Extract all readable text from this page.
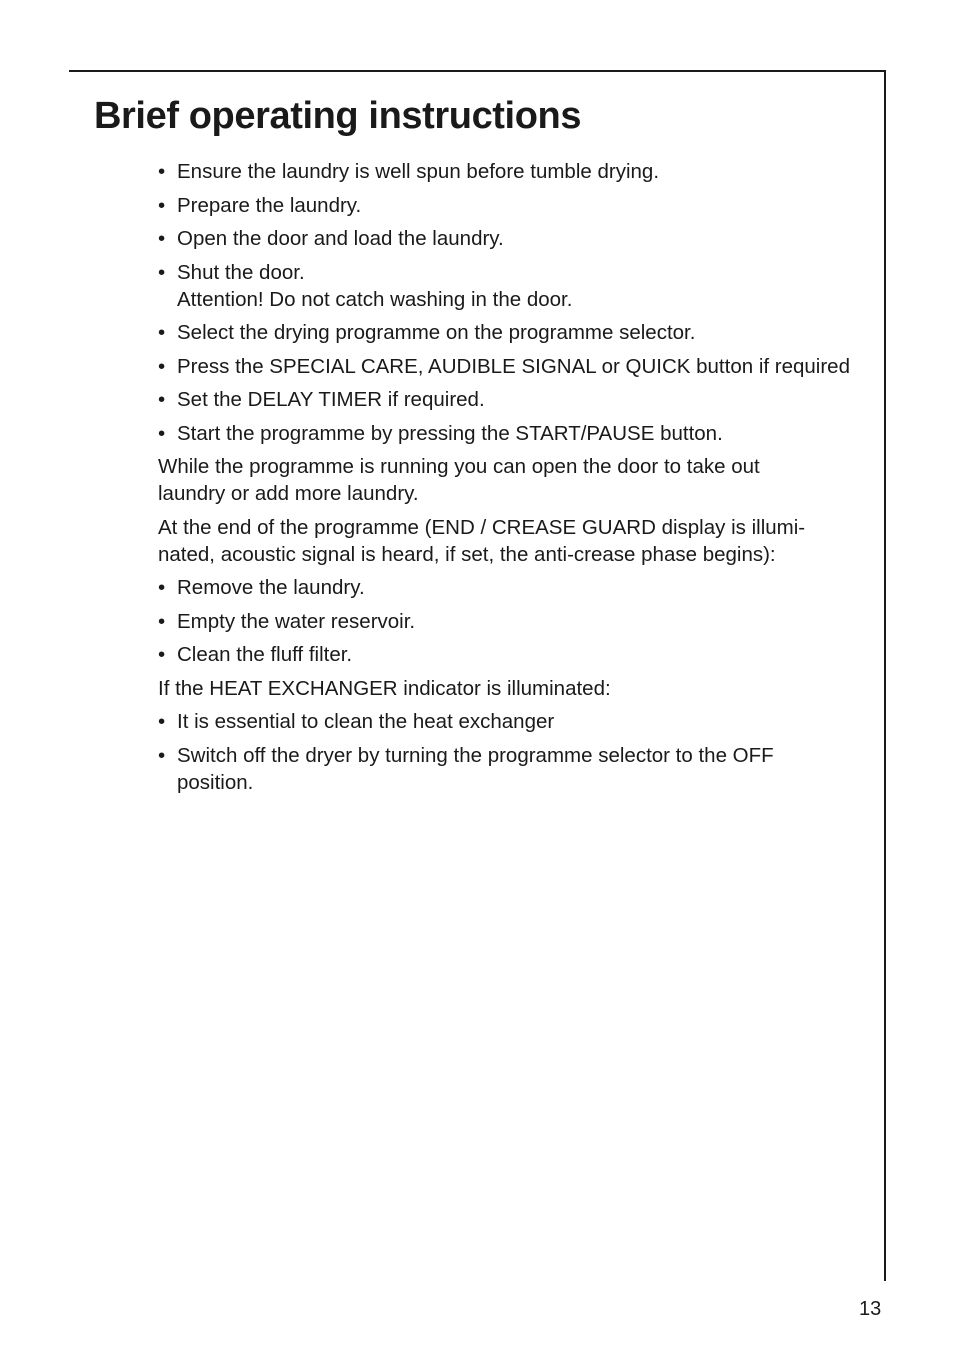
Brief operating instructions
• Ensure the laundry is well spun before tumble drying.
• Prepare the laundry.
• Open the door and load the laundry.
• Shut the door.
Attention! Do not catch washing in the door.
• Select the drying programme on the programme selector.
• Press the SPECIAL CARE, AUDIBLE SIGNAL or QUICK button if required
• Set the DELAY TIMER if required.
• Start the programme by pressing the START/PAUSE button.
While the programme is running you can open the door to take out
laundry or add more laundry.
At the end of the programme (END / CREASE GUARD display is illumi-
nated, acoustic signal is heard, if set, the anti-crease phase begins):
• Remove the laundry.
• Empty the water reservoir.
• Clean the fluff filter.
If the HEAT EXCHANGER indicator is illuminated:
• It is essential to clean the heat exchanger
• Switch off the dryer by turning the programme selector to the OFF
position.
13
